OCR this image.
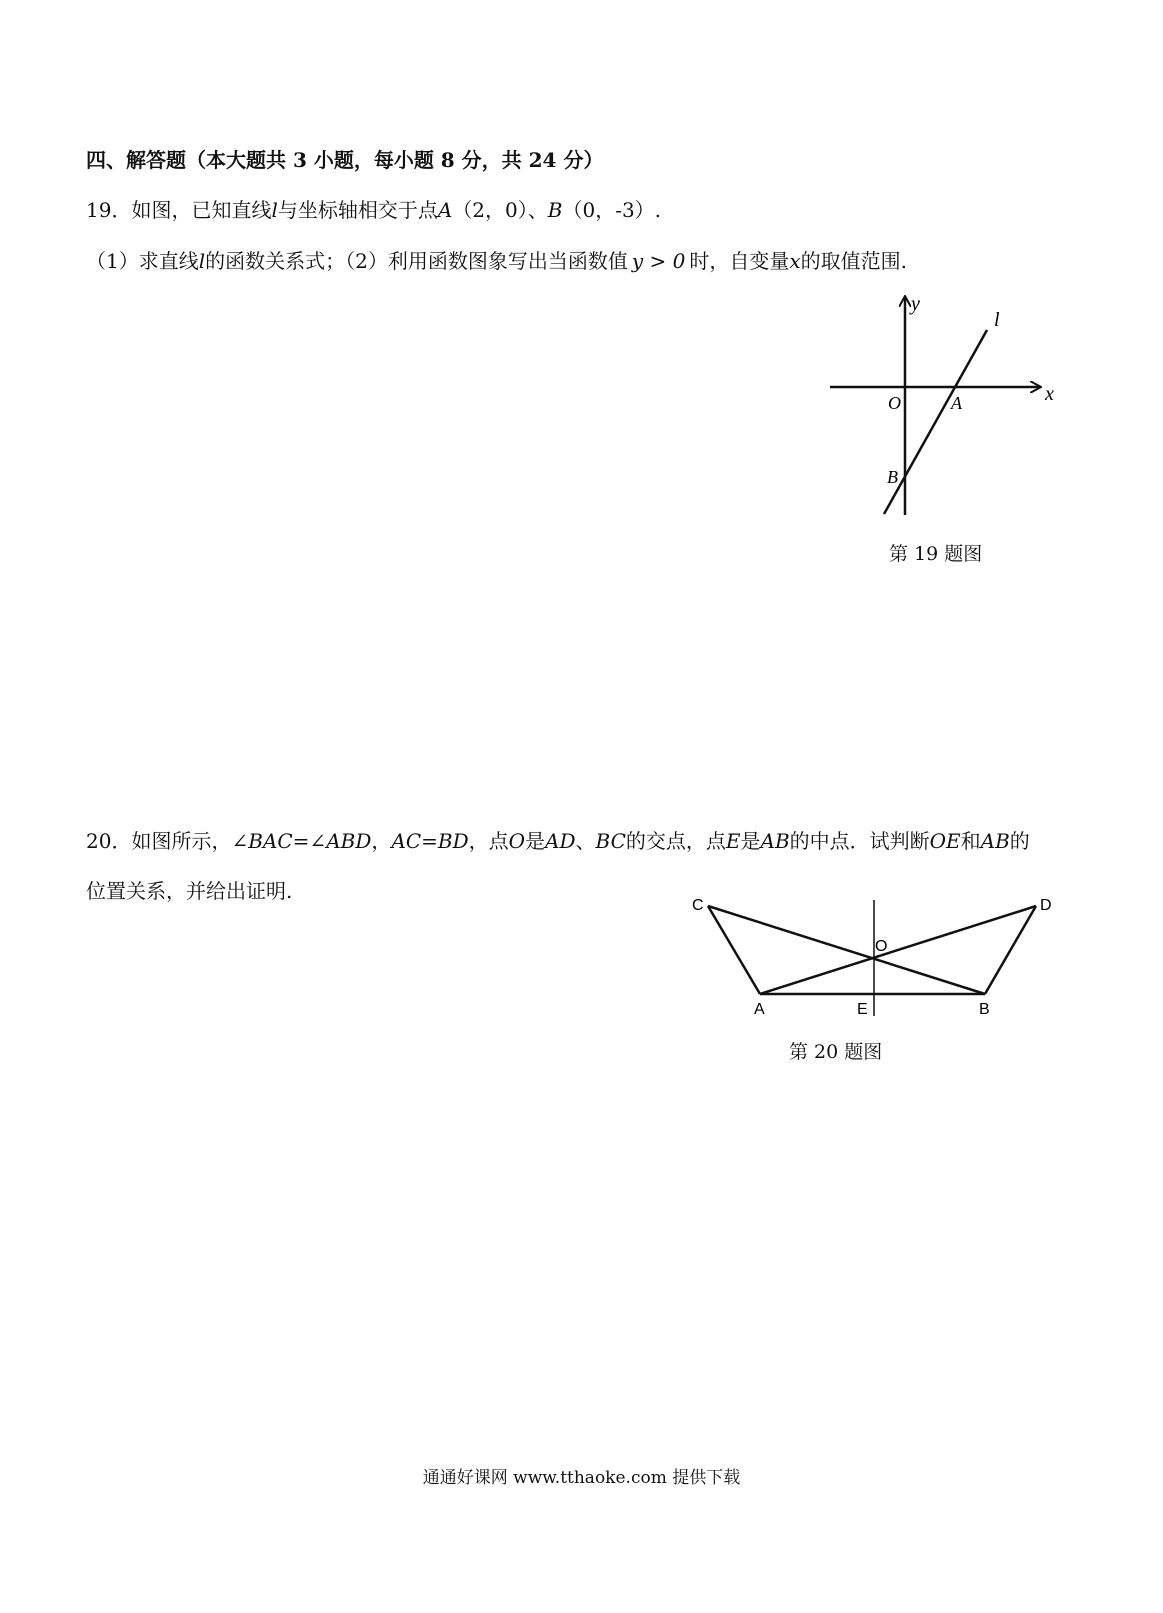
四、解答题（本大题共 3 小题，每小题 8 分，共 24 分）
19．如图，已知直线l与坐标轴相交于点A（2，0）、B（0，-3）.
（1）求直线l的函数关系式；（2）利用函数图象写出当函数值 y > 0 时，自变量x的取值范围.
y
x
l
O	A
B
第 19 题图
20．如图所示，∠BAC=∠ABD，AC=BD，点O是AD、BC的交点，点E是AB的中点．试判断OE和AB的
位置关系，并给出证明.
C	D
O
A	E	B
第 20 题图
通通好课网 www.tthaoke.com 提供下载
